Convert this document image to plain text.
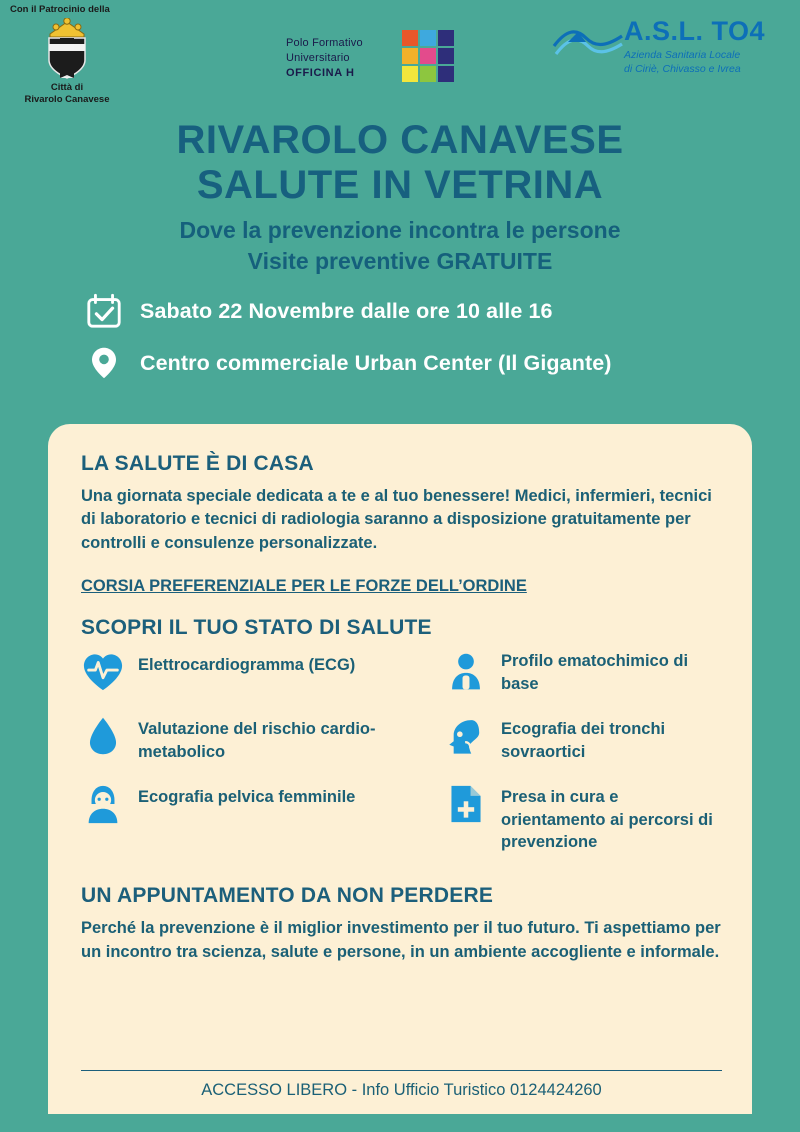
Con il Patrocinio della
Città di
Rivarolo Canavese
Polo Formativo
Universitario
OFFICINA H
A.S.L. TO4
Azienda Sanitaria Locale
di Ciriè, Chivasso e Ivrea
RIVAROLO CANAVESE
SALUTE IN VETRINA
Dove la prevenzione incontra le persone
Visite preventive GRATUITE
Sabato 22 Novembre dalle ore 10 alle 16
Centro commerciale Urban Center (Il Gigante)
LA SALUTE È DI CASA
Una giornata speciale dedicata a te e al tuo benessere! Medici, infermieri, tecnici di laboratorio e tecnici di radiologia saranno a disposizione gratuitamente per controlli e consulenze personalizzate.
CORSIA PREFERENZIALE PER LE FORZE DELL’ORDINE
SCOPRI IL TUO STATO DI SALUTE
Elettrocardiogramma (ECG)
Valutazione del rischio cardio-metabolico
Ecografia pelvica femminile
Profilo ematochimico di base
Ecografia dei tronchi sovraortici
Presa in cura e orientamento ai percorsi di prevenzione
UN APPUNTAMENTO DA NON PERDERE
Perché la prevenzione è il miglior investimento per il tuo futuro. Ti aspettiamo per un incontro tra scienza, salute e persone, in un ambiente accogliente e informale.
ACCESSO LIBERO - Info Ufficio Turistico 0124424260
